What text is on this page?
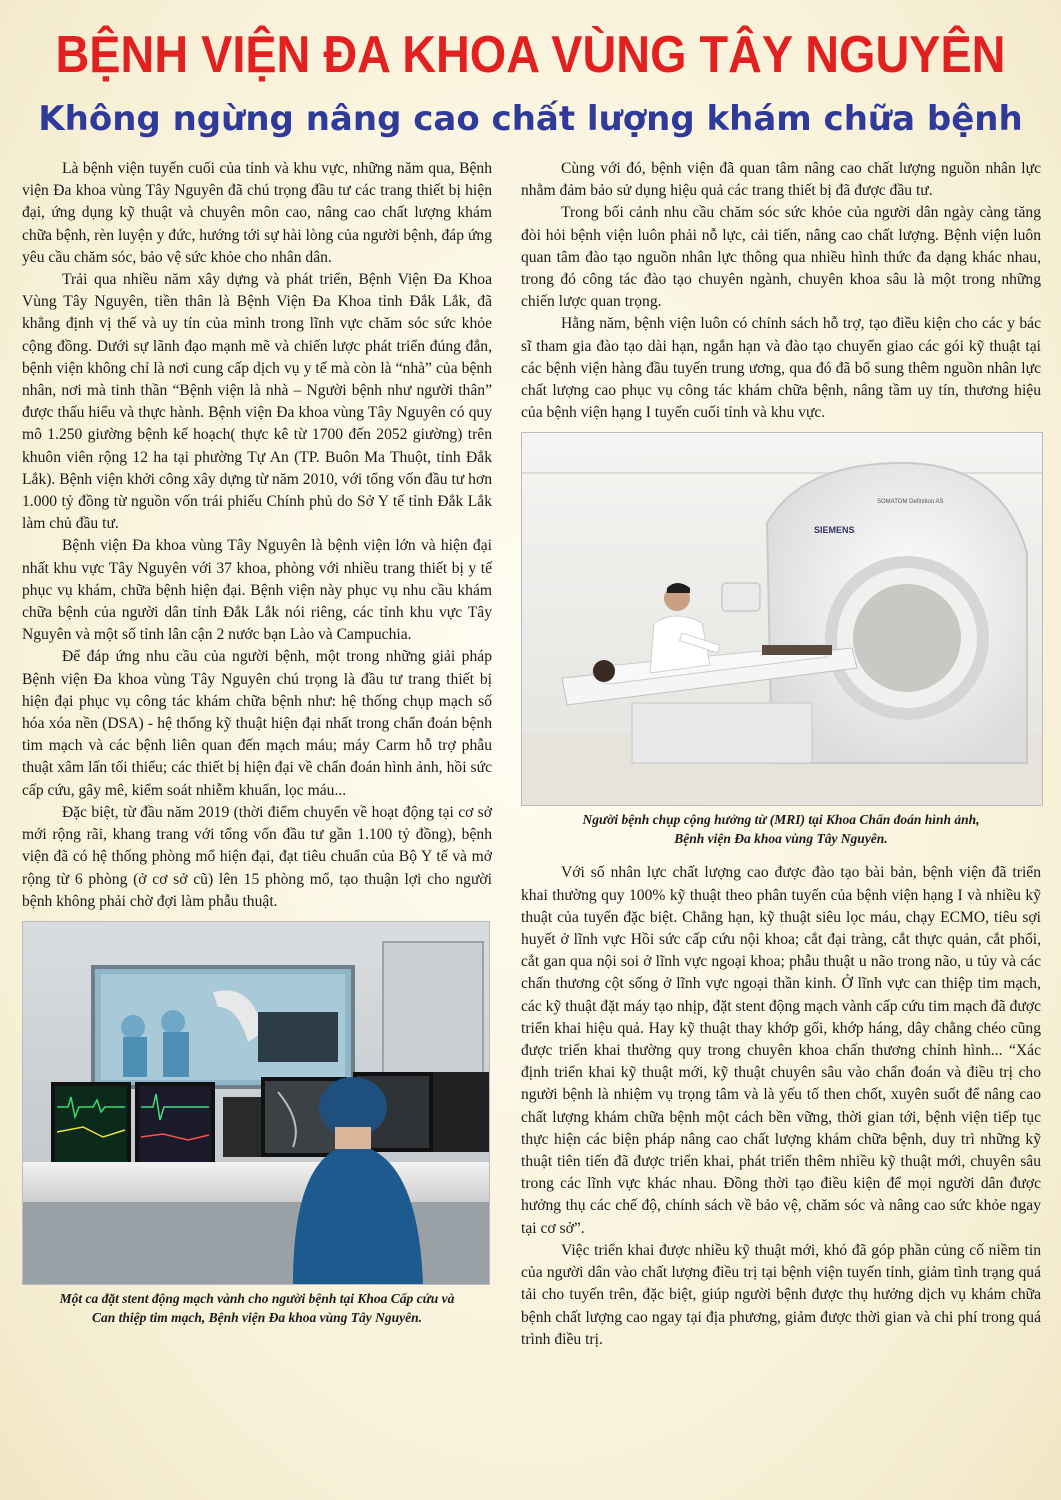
BỆNH VIỆN ĐA KHOA VÙNG TÂY NGUYÊN
Không ngừng nâng cao chất lượng khám chữa bệnh

Là bệnh viện tuyến cuối của tỉnh và khu vực, những năm qua, Bệnh viện Đa khoa vùng Tây Nguyên đã chú trọng đầu tư các trang thiết bị hiện đại, ứng dụng kỹ thuật và chuyên môn cao, nâng cao chất lượng khám chữa bệnh, rèn luyện y đức, hướng tới sự hài lòng của người bệnh, đáp ứng yêu cầu chăm sóc, bảo vệ sức khỏe cho nhân dân.

Trải qua nhiều năm xây dựng và phát triển, Bệnh Viện Đa Khoa Vùng Tây Nguyên, tiền thân là Bệnh Viện Đa Khoa tỉnh Đắk Lắk, đã khẳng định vị thế và uy tín của mình trong lĩnh vực chăm sóc sức khỏe cộng đồng. Dưới sự lãnh đạo mạnh mẽ và chiến lược phát triển đúng đắn, bệnh viện không chỉ là nơi cung cấp dịch vụ y tế mà còn là “nhà” của bệnh nhân, nơi mà tinh thần “Bệnh viện là nhà – Người bệnh như người thân” được thấu hiểu và thực hành. Bệnh viện Đa khoa vùng Tây Nguyên có quy mô 1.250 giường bệnh kế hoạch( thực kê từ 1700 đến 2052 giường) trên khuôn viên rộng 12 ha tại phường Tự An (TP. Buôn Ma Thuột, tỉnh Đắk Lắk). Bệnh viện khởi công xây dựng từ năm 2010, với tổng vốn đầu tư hơn 1.000 tỷ đồng từ nguồn vốn trái phiếu Chính phủ do Sở Y tế tỉnh Đắk Lắk làm chủ đầu tư.

Bệnh viện Đa khoa vùng Tây Nguyên là bệnh viện lớn và hiện đại nhất khu vực Tây Nguyên với 37 khoa, phòng với nhiều trang thiết bị y tế phục vụ khám, chữa bệnh hiện đại. Bệnh viện này phục vụ nhu cầu khám chữa bệnh của người dân tỉnh Đắk Lắk nói riêng, các tỉnh khu vực Tây Nguyên và một số tỉnh lân cận 2 nước bạn Lào và Campuchia.

Để đáp ứng nhu cầu của người bệnh, một trong những giải pháp Bệnh viện Đa khoa vùng Tây Nguyên chú trọng là đầu tư trang thiết bị hiện đại phục vụ công tác khám chữa bệnh như: hệ thống chụp mạch số hóa xóa nền (DSA) - hệ thống kỹ thuật hiện đại nhất trong chẩn đoán bệnh tim mạch và các bệnh liên quan đến mạch máu; máy Carm hỗ trợ phẫu thuật xâm lấn tối thiểu; các thiết bị hiện đại về chẩn đoán hình ảnh, hồi sức cấp cứu, gây mê, kiểm soát nhiễm khuẩn, lọc máu...

Đặc biệt, từ đầu năm 2019 (thời điểm chuyển về hoạt động tại cơ sở mới rộng rãi, khang trang với tổng vốn đầu tư gần 1.100 tỷ đồng), bệnh viện đã có hệ thống phòng mổ hiện đại, đạt tiêu chuẩn của Bộ Y tế và mở rộng từ 6 phòng (ở cơ sở cũ) lên 15 phòng mổ, tạo thuận lợi cho người bệnh không phải chờ đợi làm phẫu thuật.

Một ca đặt stent động mạch vành cho người bệnh tại Khoa Cấp cứu và
Can thiệp tim mạch, Bệnh viện Đa khoa vùng Tây Nguyên.

Cùng với đó, bệnh viện đã quan tâm nâng cao chất lượng nguồn nhân lực nhằm đảm bảo sử dụng hiệu quả các trang thiết bị đã được đầu tư.

Trong bối cảnh nhu cầu chăm sóc sức khỏe của người dân ngày càng tăng đòi hỏi bệnh viện luôn phải nỗ lực, cải tiến, nâng cao chất lượng. Bệnh viện luôn quan tâm đào tạo nguồn nhân lực thông qua nhiều hình thức đa dạng khác nhau, trong đó công tác đào tạo chuyên ngành, chuyên khoa sâu là một trong những chiến lược quan trọng.

Hằng năm, bệnh viện luôn có chính sách hỗ trợ, tạo điều kiện cho các y bác sĩ tham gia đào tạo dài hạn, ngắn hạn và đào tạo chuyển giao các gói kỹ thuật tại các bệnh viện hàng đầu tuyến trung ương, qua đó đã bổ sung thêm nguồn nhân lực chất lượng cao phục vụ công tác khám chữa bệnh, nâng tầm uy tín, thương hiệu của bệnh viện hạng I tuyến cuối tỉnh và khu vực.

SIEMENS
SOMATOM Definition AS
Người bệnh chụp cộng hưởng từ (MRI) tại Khoa Chẩn đoán hình ảnh,
Bệnh viện Đa khoa vùng Tây Nguyên.

Với số nhân lực chất lượng cao được đào tạo bài bản, bệnh viện đã triển khai thường quy 100% kỹ thuật theo phân tuyến của bệnh viện hạng I và nhiều kỹ thuật của tuyến đặc biệt. Chẳng hạn, kỹ thuật siêu lọc máu, chạy ECMO, tiêu sợi huyết ở lĩnh vực Hồi sức cấp cứu nội khoa; cắt đại tràng, cắt thực quản, cắt phổi, cắt gan qua nội soi ở lĩnh vực ngoại khoa; phẫu thuật u não trong não, u tủy và các chấn thương cột sống ở lĩnh vực ngoại thần kinh. Ở lĩnh vực can thiệp tim mạch, các kỹ thuật đặt máy tạo nhịp, đặt stent động mạch vành cấp cứu tim mạch đã được triển khai hiệu quả. Hay kỹ thuật thay khớp gối, khớp háng, dây chằng chéo cũng được triển khai thường quy trong chuyên khoa chấn thương chỉnh hình... “Xác định triển khai kỹ thuật mới, kỹ thuật chuyên sâu vào chẩn đoán và điều trị cho người bệnh là nhiệm vụ trọng tâm và là yếu tố then chốt, xuyên suốt để nâng cao chất lượng khám chữa bệnh một cách bền vững, thời gian tới, bệnh viện tiếp tục thực hiện các biện pháp nâng cao chất lượng khám chữa bệnh, duy trì những kỹ thuật tiên tiến đã được triển khai, phát triển thêm nhiều kỹ thuật mới, chuyên sâu trong các lĩnh vực khác nhau. Đồng thời tạo điều kiện để mọi người dân được hưởng thụ các chế độ, chính sách về bảo vệ, chăm sóc và nâng cao sức khỏe ngay tại cơ sở”.

Việc triển khai được nhiều kỹ thuật mới, khó đã góp phần củng cố niềm tin của người dân vào chất lượng điều trị tại bệnh viện tuyến tỉnh, giảm tình trạng quá tải cho tuyến trên, đặc biệt, giúp người bệnh được thụ hưởng dịch vụ khám chữa bệnh chất lượng cao ngay tại địa phương, giảm được thời gian và chi phí trong quá trình điều trị.
